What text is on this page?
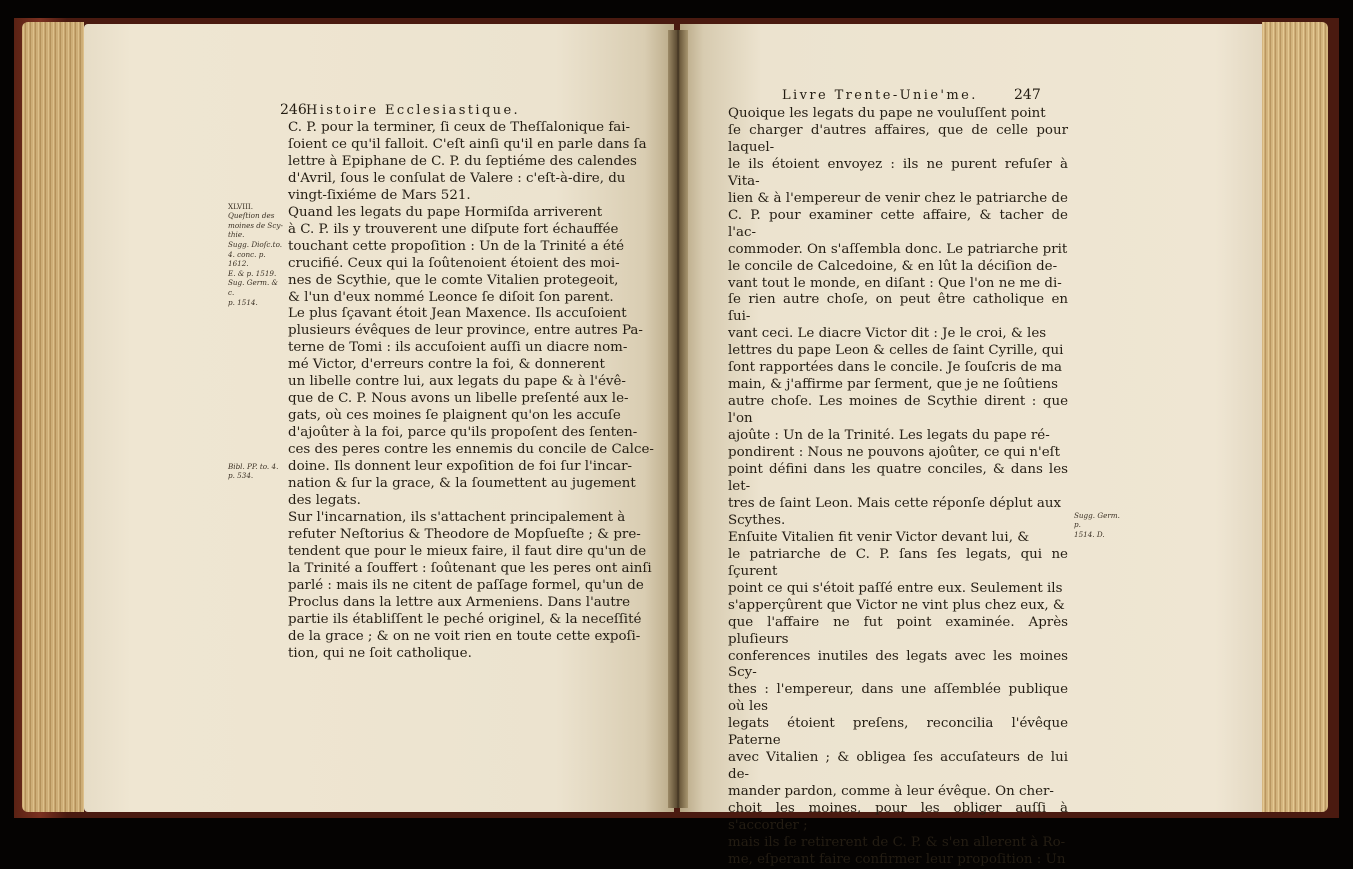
246 Histoire Ecclesiastique.

XLVIII.

Queſtion des
moines de Scy-
thie.
Sugg. Dioſc.to.
4. conc. p. 1612.
E. & p. 1519.
Sug. Germ. & c.
p. 1514.

Bibl. PP. to. 4.
p. 534.

C. P. pour la terminer, ſi ceux de Theſſalonique fai-
ſoient ce qu'il falloit. C'eſt ainſi qu'il en parle dans ſa
lettre à Epiphane de C. P. du ſeptiéme des calendes
d'Avril, ſous le conſulat de Valere : c'eſt-à-dire, du
vingt-ſixiéme de Mars 521.
Quand les legats du pape Hormiſda arriverent
à C. P. ils y trouverent une diſpute fort échauffée
touchant cette propoſition : Un de la Trinité a été
crucifié. Ceux qui la ſoûtenoient étoient des moi-
nes de Scythie, que le comte Vitalien protegeoit,
& l'un d'eux nommé Leonce ſe diſoit ſon parent.
Le plus ſçavant étoit Jean Maxence. Ils accuſoient
plusieurs évêques de leur province, entre autres Pa-
terne de Tomi : ils accuſoient auſſi un diacre nom-
mé Victor, d'erreurs contre la foi, & donnerent
un libelle contre lui, aux legats du pape & à l'évê-
que de C. P. Nous avons un libelle preſenté aux le-
gats, où ces moines ſe plaignent qu'on les accuſe
d'ajoûter à la foi, parce qu'ils propoſent des ſenten-
ces des peres contre les ennemis du concile de Calce-
doine. Ils donnent leur expoſition de foi ſur l'incar-
nation & ſur la grace, & la ſoumettent au jugement
des legats.
Sur l'incarnation, ils s'attachent principalement à
refuter Neſtorius & Theodore de Mopſueſte ; & pre-
tendent que pour le mieux faire, il faut dire qu'un de
la Trinité a ſouffert : ſoûtenant que les peres ont ainſi
parlé : mais ils ne citent de paſſage formel, qu'un de
Proclus dans la lettre aux Armeniens. Dans l'autre
partie ils établiſſent le peché originel, & la neceſſité
de la grace ; & on ne voit rien en toute cette expoſi-
tion, qui ne ſoit catholique.

Livre Trente-Unie'me.	247

Quoique les legats du pape ne vouluſſent point
ſe charger d'autres affaires, que de celle pour laquel-
le ils étoient envoyez : ils ne purent refuſer à Vita-
lien & à l'empereur de venir chez le patriarche de
C. P. pour examiner cette affaire, & tacher de l'ac-
commoder. On s'aſſembla donc. Le patriarche prit
le concile de Calcedoine, & en lût la déciſion de-
vant tout le monde, en diſant : Que l'on ne me di-
ſe rien autre choſe, on peut être catholique en ſui-
vant ceci. Le diacre Victor dit : Je le croi, & les
lettres du pape Leon & celles de ſaint Cyrille, qui
ſont rapportées dans le concile. Je ſouſcris de ma
main, & j'affirme par ſerment, que je ne ſoûtiens
autre choſe. Les moines de Scythie dirent : que l'on
ajoûte : Un de la Trinité. Les legats du pape ré-
pondirent : Nous ne pouvons ajoûter, ce qui n'eſt
point défini dans les quatre conciles, & dans les let-
tres de ſaint Leon. Mais cette réponſe déplut aux
Scythes.
Enſuite Vitalien fit venir Victor devant lui, &
le patriarche de C. P. ſans ſes legats, qui ne ſçurent
point ce qui s'étoit paſſé entre eux. Seulement ils
s'apperçûrent que Victor ne vint plus chez eux, &
que l'affaire ne fut point examinée. Après pluſieurs
conferences inutiles des legats avec les moines Scy-
thes : l'empereur, dans une aſſemblée publique où les
legats étoient preſens, reconcilia l'évêque Paterne
avec Vitalien ; & obligea ſes accuſateurs de lui de-
mander pardon, comme à leur évêque. On cher-
choit les moines, pour les obliger auſſi à s'accorder ;
mais ils ſe retirerent de C. P. & s'en allerent à Ro-
me, eſperant faire confirmer leur propoſition : Un

Sugg. Germ. p.
1514. D.
